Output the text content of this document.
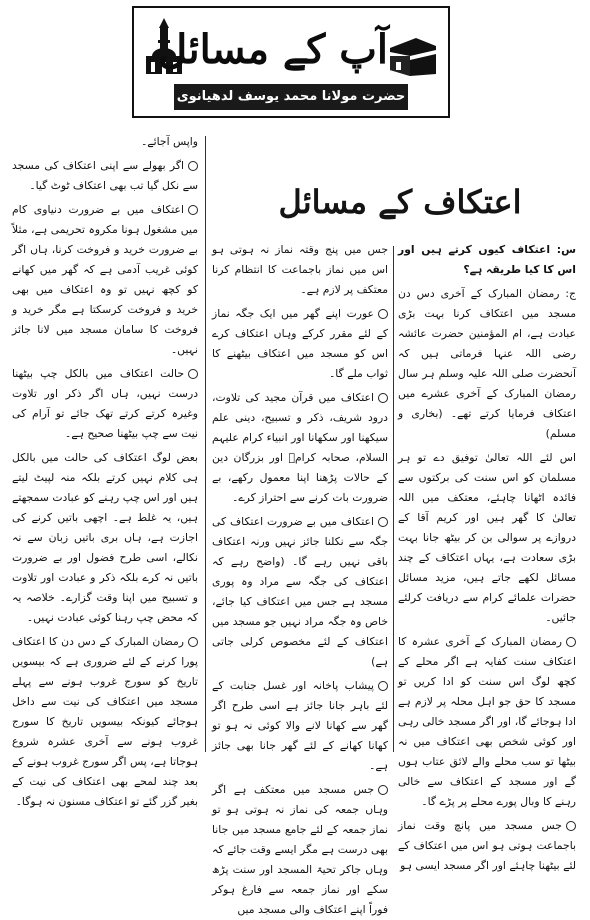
آپ کے مسائل
حضرت مولانا محمد یوسف لدھیانوی
اعتکاف کے مسائل

س: اعتکاف کیوں کرتے ہیں اور اس کا کیا طریقہ ہے؟

ج: رمضان المبارک کے آخری دس دن مسجد میں اعتکاف کرنا بہت بڑی عبادت ہے، ام المؤمنین حضرت عائشہ رضی اللہ عنہا فرماتی ہیں کہ آنحضرت صلی اللہ علیہ وسلم ہر سال رمضان المبارک کے آخری عشرے میں اعتکاف فرمایا کرتے تھے۔ (بخاری و مسلم)

اس لئے اللہ تعالیٰ توفیق دے تو ہر مسلمان کو اس سنت کی برکتوں سے فائدہ اٹھانا چاہئے، معتکف میں اللہ تعالیٰ کا گھر ہیں اور کریم آقا کے دروازے پر سوالی بن کر بیٹھ جانا بہت بڑی سعادت ہے، یہاں اعتکاف کے چند مسائل لکھے جاتے ہیں، مزید مسائل حضرات علمائے کرام سے دریافت کرلئے جائیں۔

رمضان المبارک کے آخری عشرہ کا اعتکاف سنت کفایہ ہے اگر محلے کے کچھ لوگ اس سنت کو ادا کریں تو مسجد کا حق جو اہل محلہ پر لازم ہے ادا ہوجائے گا، اور اگر مسجد خالی رہی اور کوئی شخص بھی اعتکاف میں نہ بیٹھا تو سب محلے والے لائق عتاب ہوں گے اور مسجد کے اعتکاف سے خالی رہنے کا وبال پورے محلے پر پڑے گا۔

جس مسجد میں پانچ وقت نماز باجماعت ہوتی ہو اس میں اعتکاف کے لئے بیٹھنا چاہئے اور اگر مسجد ایسی ہو

جس میں پنج وقتہ نماز نہ ہوتی ہو اس میں نماز باجماعت کا انتظام کرنا معتکف پر لازم ہے۔

عورت اپنے گھر میں ایک جگہ نماز کے لئے مقرر کرکے وہاں اعتکاف کرے اس کو مسجد میں اعتکاف بیٹھنے کا ثواب ملے گا۔

اعتکاف میں قرآن مجید کی تلاوت، درود شریف، ذکر و تسبیح، دینی علم سیکھنا اور سکھانا اور انبیاء کرام علیہم السلام، صحابہ کرامؓ اور بزرگان دین کے حالات پڑھنا اپنا معمول رکھے، بے ضرورت بات کرنے سے احتراز کرے۔

اعتکاف میں بے ضرورت اعتکاف کی جگہ سے نکلنا جائز نہیں ورنہ اعتکاف باقی نہیں رہے گا۔ (واضح رہے کہ اعتکاف کی جگہ سے مراد وہ پوری مسجد ہے جس میں اعتکاف کیا جائے، خاص وہ جگہ مراد نہیں جو مسجد میں اعتکاف کے لئے مخصوص کرلی جاتی ہے)

پیشاب پاخانہ اور غسل جنابت کے لئے باہر جانا جائز ہے اسی طرح اگر گھر سے کھانا لانے والا کوئی نہ ہو تو کھانا کھانے کے لئے گھر جانا بھی جائز ہے۔

جس مسجد میں معتکف ہے اگر وہاں جمعہ کی نماز نہ ہوتی ہو تو نماز جمعہ کے لئے جامع مسجد میں جانا بھی درست ہے مگر ایسے وقت جائے کہ وہاں جاکر تحیۃ المسجد اور سنت پڑھ سکے اور نماز جمعہ سے فارغ ہوکر فوراً اپنے اعتکاف والی مسجد میں

واپس آجائے۔

اگر بھولے سے اپنی اعتکاف کی مسجد سے نکل گیا تب بھی اعتکاف ٹوٹ گیا۔

اعتکاف میں بے ضرورت دنیاوی کام میں مشغول ہونا مکروہ تحریمی ہے، مثلاً بے ضرورت خرید و فروخت کرنا، ہاں اگر کوئی غریب آدمی ہے کہ گھر میں کھانے کو کچھ نہیں تو وہ اعتکاف میں بھی خرید و فروخت کرسکتا ہے مگر خرید و فروخت کا سامان مسجد میں لانا جائز نہیں۔

حالت اعتکاف میں بالکل چپ بیٹھنا درست نہیں، ہاں اگر ذکر اور تلاوت وغیرہ کرتے کرتے تھک جائے تو آرام کی نیت سے چپ بیٹھنا صحیح ہے۔

بعض لوگ اعتکاف کی حالت میں بالکل ہی کلام نہیں کرتے بلکہ منہ لپیٹ لیتے ہیں اور اس چپ رہنے کو عبادت سمجھتے ہیں، یہ غلط ہے۔ اچھی باتیں کرنے کی اجازت ہے، ہاں بری باتیں زبان سے نہ نکالے، اسی طرح فضول اور بے ضرورت باتیں نہ کرے بلکہ ذکر و عبادت اور تلاوت و تسبیح میں اپنا وقت گزارے۔ خلاصہ یہ کہ محض چپ رہنا کوئی عبادت نہیں۔

رمضان المبارک کے دس دن کا اعتکاف پورا کرنے کے لئے ضروری ہے کہ بیسویں تاریخ کو سورج غروب ہونے سے پہلے مسجد میں اعتکاف کی نیت سے داخل ہوجائے کیونکہ بیسویں تاریخ کا سورج غروب ہونے سے آخری عشرہ شروع ہوجاتا ہے، پس اگر سورج غروب ہونے کے بعد چند لمحے بھی اعتکاف کی نیت کے بغیر گزر گئے تو اعتکاف مسنون نہ ہوگا۔
